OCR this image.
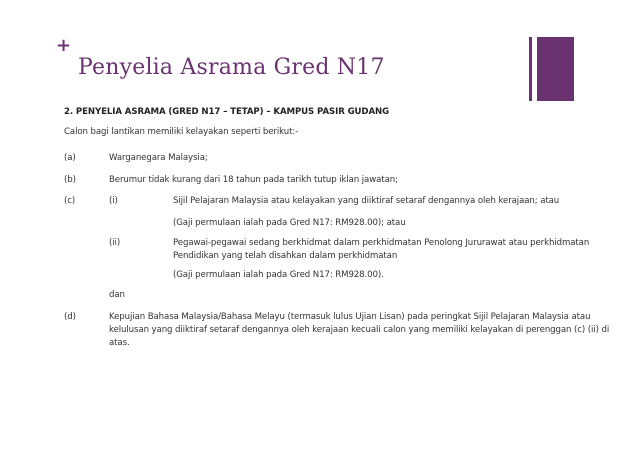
+
Penyelia Asrama Gred N17
2. PENYELIA ASRAMA (GRED N17 – TETAP) – KAMPUS PASIR GUDANG
Calon bagi lantikan memiliki kelayakan seperti berikut:-
(a)	Warganegara Malaysia;
(b)	Berumur tidak kurang dari 18 tahun pada tarikh tutup iklan jawatan;
(c)	(i)	Sijil Pelajaran Malaysia atau kelayakan yang diiktiraf setaraf dengannya oleh kerajaan; atau
(Gaji permulaan ialah pada Gred N17: RM928.00); atau
(ii)	Pegawai-pegawai sedang berkhidmat dalam perkhidmatan Penolong Jururawat atau perkhidmatan
Pendidikan yang telah disahkan dalam perkhidmatan
(Gaji permulaan ialah pada Gred N17: RM928.00).
dan
(d)	Kepujian Bahasa Malaysia/Bahasa Melayu (termasuk lulus Ujian Lisan) pada peringkat Sijil Pelajaran Malaysia atau
kelulusan yang diiktiraf setaraf dengannya oleh kerajaan kecuali calon yang memiliki kelayakan di perenggan (c) (ii) di
atas.
